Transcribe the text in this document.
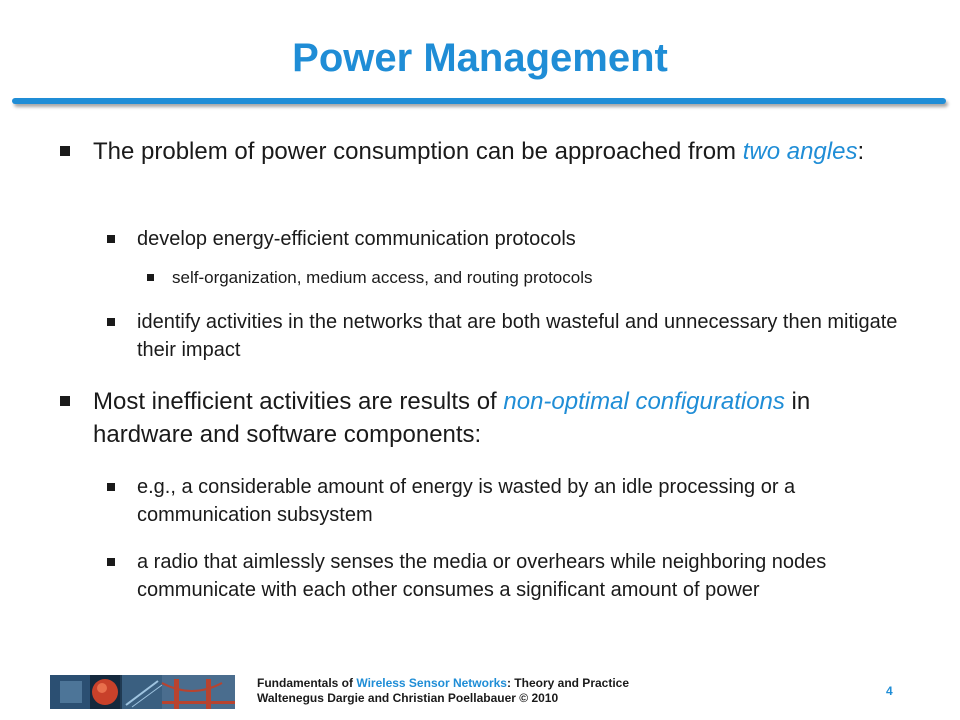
Power Management
The problem of power consumption can be approached from two angles:
develop energy-efficient communication protocols
self-organization, medium access, and routing protocols
identify activities in the networks that are both wasteful and unnecessary then mitigate their impact
Most inefficient activities are results of non-optimal configurations in hardware and software components:
e.g., a considerable amount of energy is wasted by an idle processing or a communication subsystem
a radio that aimlessly senses the media or overhears while neighboring nodes communicate with each other consumes a significant amount of power
Fundamentals of Wireless Sensor Networks: Theory and Practice
Waltenegus Dargie and Christian Poellabauer © 2010	4
